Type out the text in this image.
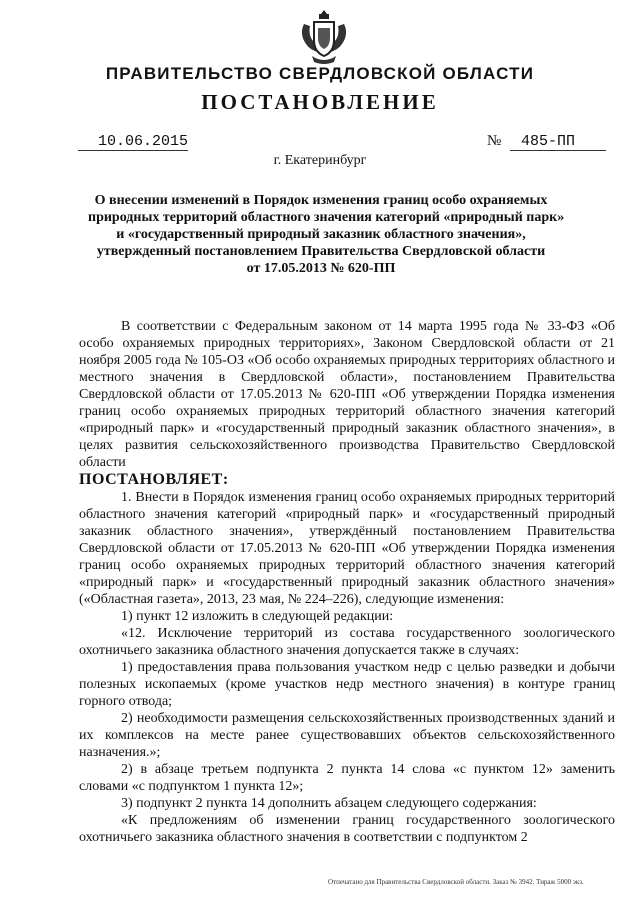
ПРАВИТЕЛЬСТВО СВЕРДЛОВСКОЙ ОБЛАСТИ
ПОСТАНОВЛЕНИЕ
10.06.2015	№ 485-ПП
г. Екатеринбург
О внесении изменений в Порядок изменения границ особо охраняемых
природных территорий областного значения категорий «природный парк»
и «государственный природный заказник областного значения»,
утвержденный постановлением Правительства Свердловской области
от 17.05.2013 № 620-ПП

В соответствии с Федеральным законом от 14 марта 1995 года № 33-ФЗ «Об особо охраняемых природных территориях», Законом Свердловской области от 21 ноября 2005 года № 105-ОЗ «Об особо охраняемых природных территориях областного и местного значения в Свердловской области», постановлением Правительства Свердловской области от 17.05.2013 № 620-ПП «Об утверждении Порядка изменения границ особо охраняемых природных территорий областного значения категорий «природный парк» и «государственный природный заказник областного значения», в целях развития сельскохозяйственного производства Правительство Свердловской области

ПОСТАНОВЛЯЕТ:

1. Внести в Порядок изменения границ особо охраняемых природных территорий областного значения категорий «природный парк» и «государственный природный заказник областного значения», утверждённый постановлением Правительства Свердловской области от 17.05.2013 № 620-ПП «Об утверждении Порядка изменения границ особо охраняемых природных территорий областного значения категорий «природный парк» и «государственный природный заказник областного значения» («Областная газета», 2013, 23 мая, № 224–226), следующие изменения:

1) пункт 12 изложить в следующей редакции:

«12. Исключение территорий из состава государственного зоологического охотничьего заказника областного значения допускается также в случаях:

1) предоставления права пользования участком недр с целью разведки и добычи полезных ископаемых (кроме участков недр местного значения) в контуре границ горного отвода;

2) необходимости размещения сельскохозяйственных производственных зданий и их комплексов на месте ранее существовавших объектов сельскохозяйственного назначения.»;

2) в абзаце третьем подпункта 2 пункта 14 слова «с пунктом 12» заменить словами «с подпунктом 1 пункта 12»;

3) подпункт 2 пункта 14 дополнить абзацем следующего содержания:

«К предложениям об изменении границ государственного зоологического охотничьего заказника областного значения в соответствии с подпунктом 2

Отпечатано для Правительства Свердловской области. Заказ № 3942. Тираж 5000 экз.
